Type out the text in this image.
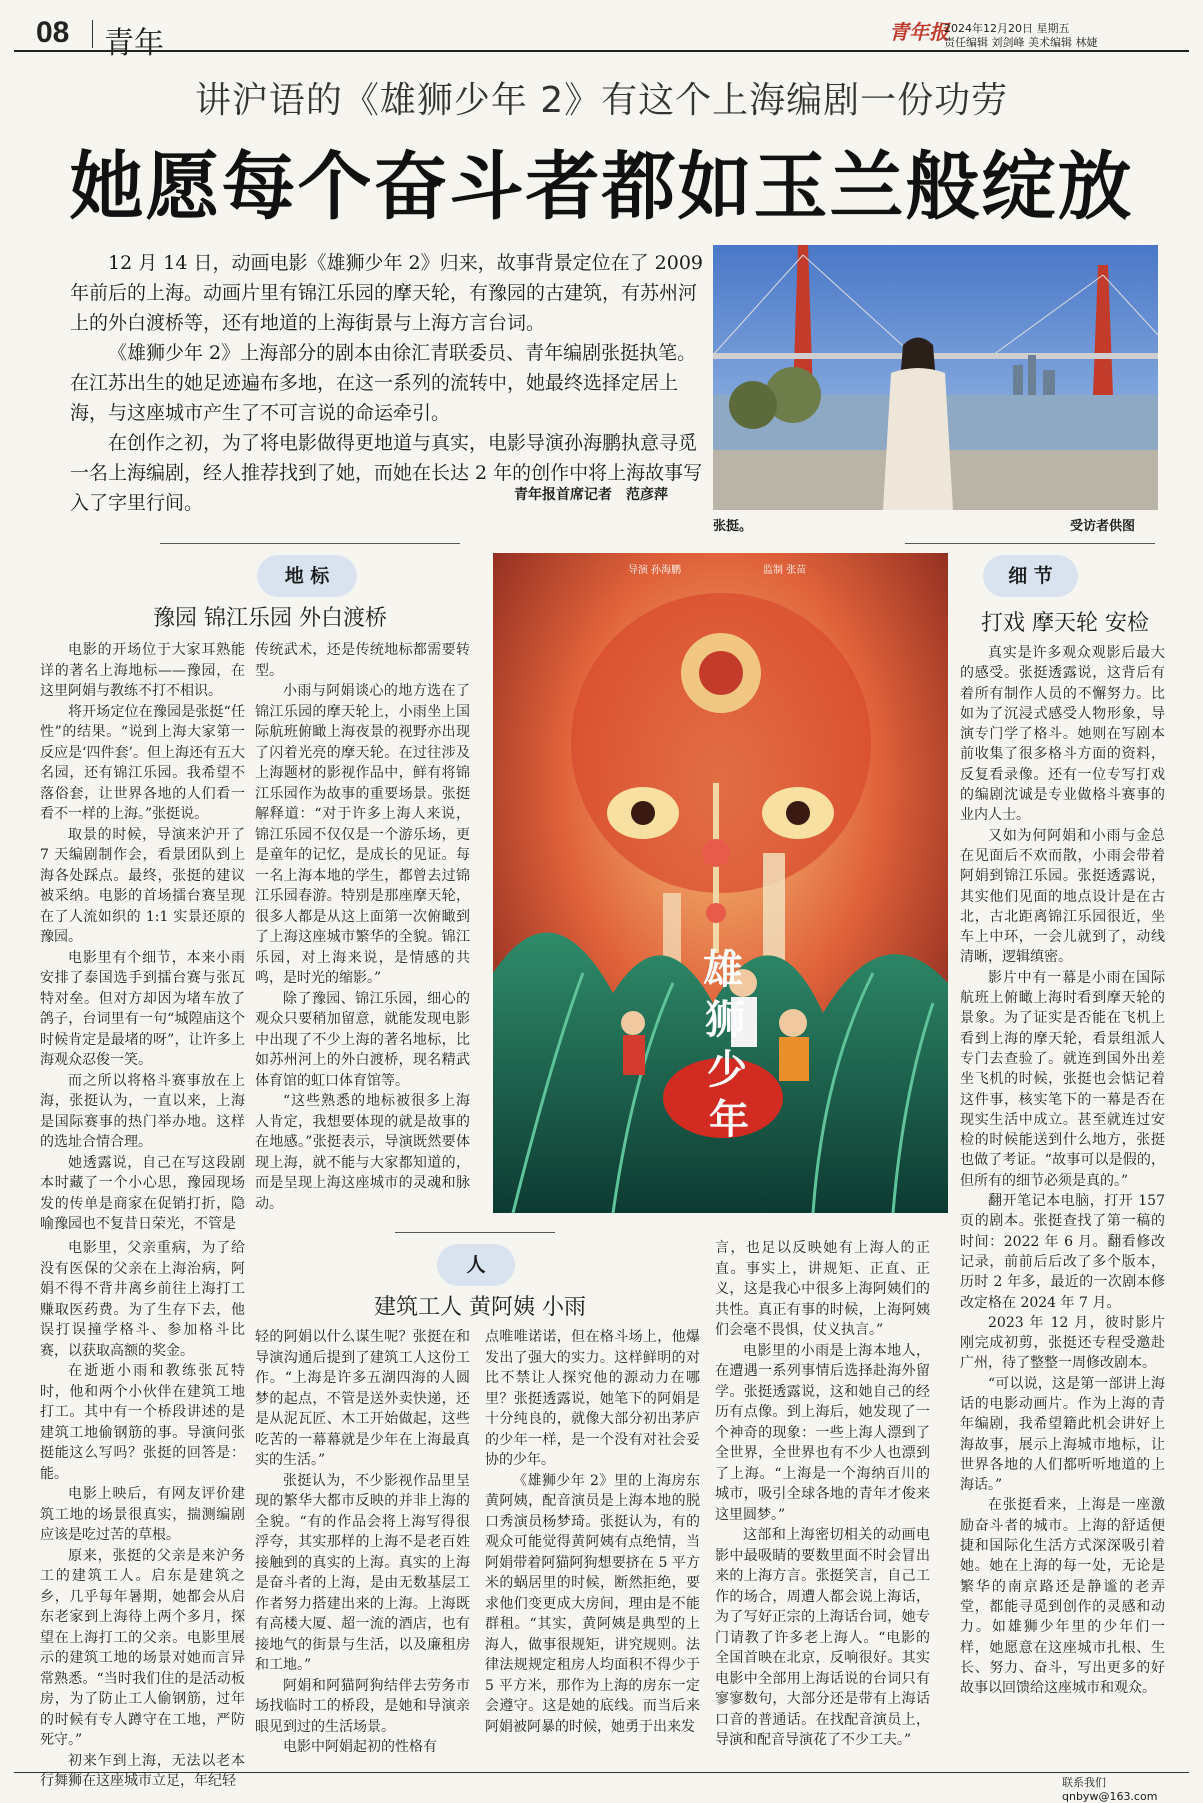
08 青年	青年报
2024年12月20日 星期五
责任编辑 刘剑峰 美术编辑 林婕
讲沪语的《雄狮少年 2》有这个上海编剧一份功劳
她愿每个奋斗者都如玉兰般绽放

12 月 14 日，动画电影《雄狮少年 2》归来，故事背景定位在了 2009 年前后的上海。动画片里有锦江乐园的摩天轮，有豫园的古建筑，有苏州河上的外白渡桥等，还有地道的上海街景与上海方言台词。

《雄狮少年 2》上海部分的剧本由徐汇青联委员、青年编剧张挺执笔。在江苏出生的她足迹遍布多地，在这一系列的流转中，她最终选择定居上海，与这座城市产生了不可言说的命运牵引。

在创作之初，为了将电影做得更地道与真实，电影导演孙海鹏执意寻觅一名上海编剧，经人推荐找到了她，而她在长达 2 年的创作中将上海故事写入了字里行间。	青年报首席记者　范彦萍
张挺。	受访者供图
地 标
豫园 锦江乐园 外白渡桥

电影的开场位于大家耳熟能详的著名上海地标——豫园，在这里阿娟与教练不打不相识。

将开场定位在豫园是张挺“任性”的结果。“说到上海大家第一反应是‘四件套’。但上海还有五大名园，还有锦江乐园。我希望不落俗套，让世界各地的人们看一看不一样的上海。”张挺说。

取景的时候，导演来沪开了 7 天编剧制作会，看景团队到上海各处踩点。最终，张挺的建议被采纳。电影的首场擂台赛呈现在了人流如织的 1:1 实景还原的豫园。

电影里有个细节，本来小雨安排了泰国选手到擂台赛与张瓦特对垒。但对方却因为堵车放了鸽子，台词里有一句“城隍庙这个时候肯定是最堵的呀”，让许多上海观众忍俊一笑。

而之所以将格斗赛事放在上海，张挺认为，一直以来，上海是国际赛事的热门举办地。这样的选址合情合理。

她透露说，自己在写这段剧本时藏了一个小心思，豫园现场发的传单是商家在促销打折，隐喻豫园也不复昔日荣光，不管是

传统武术，还是传统地标都需要转型。

小雨与阿娟谈心的地方选在了锦江乐园的摩天轮上，小雨坐上国际航班俯瞰上海夜景的视野亦出现了闪着光亮的摩天轮。在过往涉及上海题材的影视作品中，鲜有将锦江乐园作为故事的重要场景。张挺解释道：“对于许多上海人来说，锦江乐园不仅仅是一个游乐场，更是童年的记忆，是成长的见证。每一名上海本地的学生，都曾去过锦江乐园春游。特别是那座摩天轮，很多人都是从这上面第一次俯瞰到了上海这座城市繁华的全貌。锦江乐园，对上海来说，是情感的共鸣，是时光的缩影。”

除了豫园、锦江乐园，细心的观众只要稍加留意，就能发现电影中出现了不少上海的著名地标，比如苏州河上的外白渡桥，现名精武体育馆的虹口体育馆等。

“这些熟悉的地标被很多上海人肯定，我想要体现的就是故事的在地感。”张挺表示，导演既然要体现上海，就不能与大家都知道的，而是呈现上海这座城市的灵魂和脉动。

导演 孙海鹏	监制 张苗
雄
狮
少
年
细 节
打戏 摩天轮 安检

真实是许多观众观影后最大的感受。张挺透露说，这背后有着所有制作人员的不懈努力。比如为了沉浸式感受人物形象，导演专门学了格斗。她则在写剧本前收集了很多格斗方面的资料，反复看录像。还有一位专写打戏的编剧沈诚是专业做格斗赛事的业内人士。

又如为何阿娟和小雨与金总在见面后不欢而散，小雨会带着阿娟到锦江乐园。张挺透露说，其实他们见面的地点设计是在古北，古北距离锦江乐园很近，坐车上中环，一会儿就到了，动线清晰，逻辑缜密。

影片中有一幕是小雨在国际航班上俯瞰上海时看到摩天轮的景象。为了证实是否能在飞机上看到上海的摩天轮，看景组派人专门去查验了。就连到国外出差坐飞机的时候，张挺也会惦记着这件事，核实笔下的一幕是否在现实生活中成立。甚至就连过安检的时候能送到什么地方，张挺也做了考证。“故事可以是假的，但所有的细节必须是真的。”

翻开笔记本电脑，打开 157 页的剧本。张挺查找了第一稿的时间：2022 年 6 月。翻看修改记录，前前后后改了多个版本，历时 2 年多，最近的一次剧本修改定格在 2024 年 7 月。

2023 年 12 月，彼时影片刚完成初剪，张挺还专程受邀赴广州，待了整整一周修改剧本。

“可以说，这是第一部讲上海话的电影动画片。作为上海的青年编剧，我希望籍此机会讲好上海故事，展示上海城市地标，让世界各地的人们都听听地道的上海话。”

在张挺看来，上海是一座激励奋斗者的城市。上海的舒适便捷和国际化生活方式深深吸引着她。她在上海的每一处，无论是繁华的南京路还是静谧的老弄堂，都能寻觅到创作的灵感和动力。如雄狮少年里的少年们一样，她愿意在这座城市扎根、生长、努力、奋斗，写出更多的好故事以回馈给这座城市和观众。

人
建筑工人 黄阿姨 小雨

电影里，父亲重病，为了给没有医保的父亲在上海治病，阿娟不得不背井离乡前往上海打工赚取医药费。为了生存下去，他误打误撞学格斗、参加格斗比赛，以获取高额的奖金。

在逝逝小雨和教练张瓦特时，他和两个小伙伴在建筑工地打工。其中有一个桥段讲述的是建筑工地偷钢筋的事。导演问张挺能这么写吗？张挺的回答是：能。

电影上映后，有网友评价建筑工地的场景很真实，揣测编剧应该是吃过苦的草根。

原来，张挺的父亲是来沪务工的建筑工人。启东是建筑之乡，几乎每年暑期，她都会从启东老家到上海待上两个多月，探望在上海打工的父亲。电影里展示的建筑工地的场景对她而言异常熟悉。“当时我们住的是活动板房，为了防止工人偷钢筋，过年的时候有专人蹲守在工地，严防死守。”

初来乍到上海，无法以老本行舞狮在这座城市立足，年纪轻

轻的阿娟以什么谋生呢？张挺在和导演沟通后提到了建筑工人这份工作。“上海是许多五湖四海的人圆梦的起点，不管是送外卖快递，还是从泥瓦匠、木工开始做起，这些吃苦的一幕幕就是少年在上海最真实的生活。”

张挺认为，不少影视作品里呈现的繁华大都市反映的并非上海的全貌。“有的作品会将上海写得很浮夸，其实那样的上海不是老百姓接触到的真实的上海。真实的上海是奋斗者的上海，是由无数基层工作者努力搭建出来的上海。上海既有高楼大厦、超一流的酒店，也有接地气的街景与生活，以及廉租房和工地。”

阿娟和阿猫阿狗结伴去劳务市场找临时工的桥段，是她和导演亲眼见到过的生活场景。

电影中阿娟起初的性格有

点唯唯诺诺，但在格斗场上，他爆发出了强大的实力。这样鲜明的对比不禁让人探究他的源动力在哪里？张挺透露说，她笔下的阿娟是十分纯良的，就像大部分初出茅庐的少年一样，是一个没有对社会妥协的少年。

《雄狮少年 2》里的上海房东黄阿姨，配音演员是上海本地的脱口秀演员杨梦琦。张挺认为，有的观众可能觉得黄阿姨有点绝情，当阿娟带着阿猫阿狗想要挤在 5 平方米的蜗居里的时候，断然拒绝，要求他们变更成大房间，理由是不能群租。“其实，黄阿姨是典型的上海人，做事很规矩，讲究规则。法律法规规定租房人均面积不得少于 5 平方米，那作为上海的房东一定会遵守。这是她的底线。而当后来阿娟被阿暴的时候，她勇于出来发

言，也足以反映她有上海人的正直。事实上，讲规矩、正直、正义，这是我心中很多上海阿姨们的共性。真正有事的时候，上海阿姨们会毫不畏惧，仗义执言。”

电影里的小雨是上海本地人，在遭遇一系列事情后选择赴海外留学。张挺透露说，这和她自己的经历有点像。到上海后，她发现了一个神奇的现象：一些上海人漂到了全世界，全世界也有不少人也漂到了上海。“上海是一个海纳百川的城市，吸引全球各地的青年才俊来这里圆梦。”

这部和上海密切相关的动画电影中最吸睛的要数里面不时会冒出来的上海方言。张挺笑言，自己工作的场合，周遭人都会说上海话，为了写好正宗的上海话台词，她专门请教了许多老上海人。“电影的全国首映在北京，反响很好。其实电影中全部用上海话说的台词只有寥寥数句，大部分还是带有上海话口音的普通话。在找配音演员上，导演和配音导演花了不少工夫。”

联系我们 qnbyw@163.com
